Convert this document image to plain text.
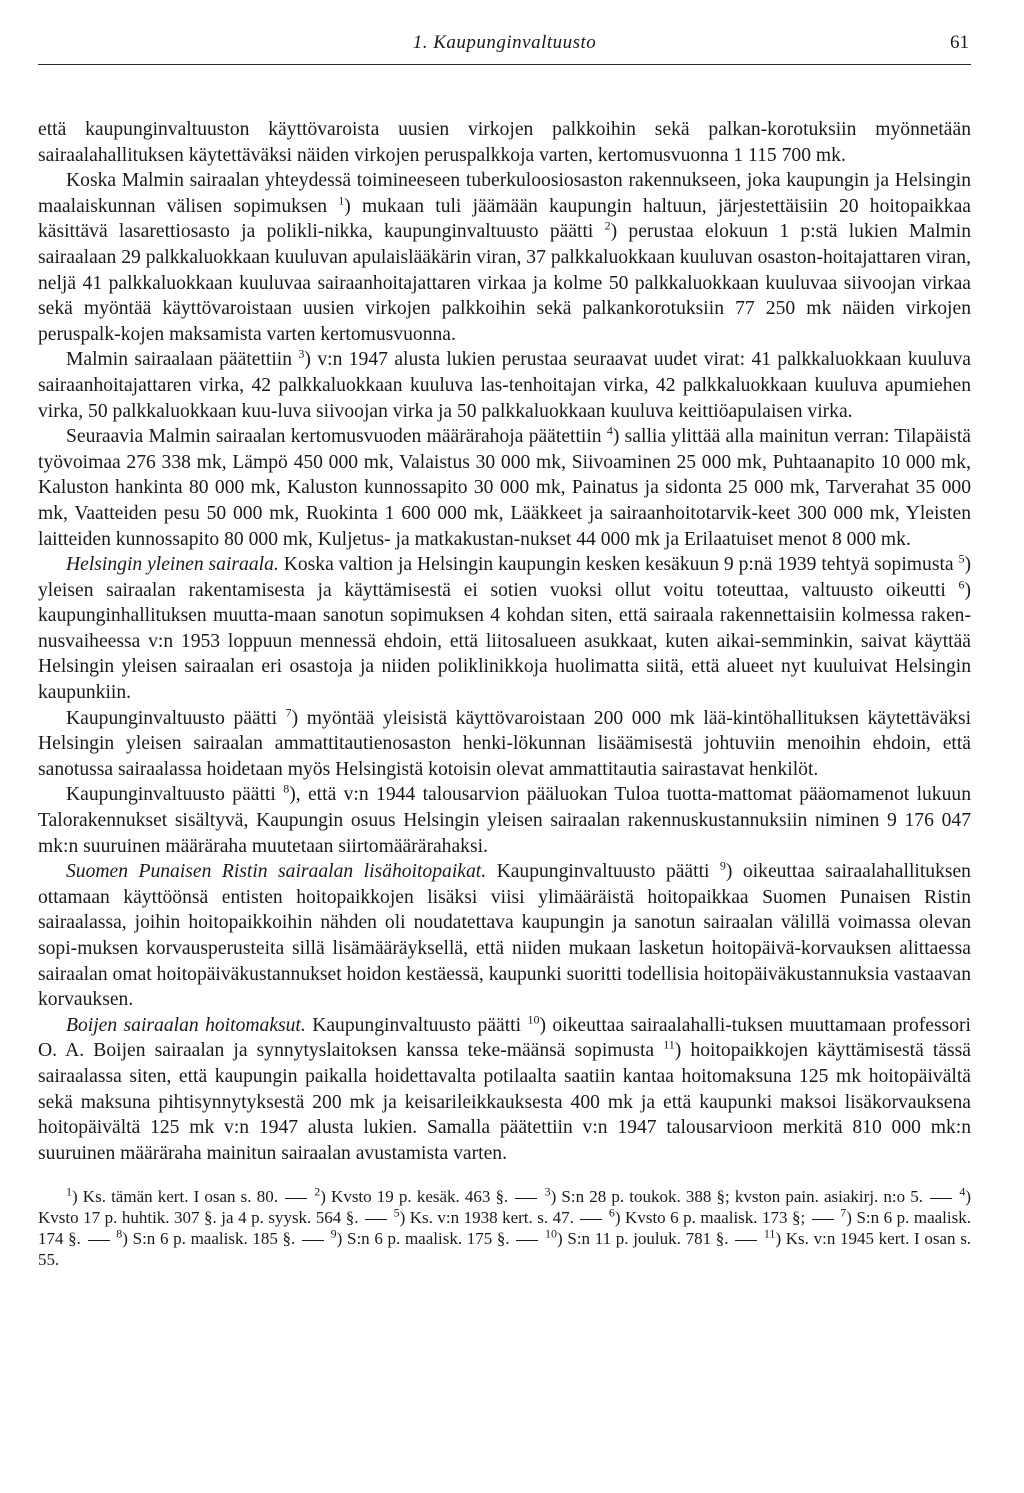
1. Kaupunginvaltuusto	61

että kaupunginvaltuuston käyttövaroista uusien virkojen palkkoihin sekä palkan-korotuksiin myönnetään sairaalahallituksen käytettäväksi näiden virkojen peruspalkkoja varten, kertomusvuonna 1 115 700 mk.

Koska Malmin sairaalan yhteydessä toimineeseen tuberkuloosiosaston rakennukseen, joka kaupungin ja Helsingin maalaiskunnan välisen sopimuksen $^1$) mukaan tuli jäämään kaupungin haltuun, järjestettäisiin 20 hoitopaikkaa käsittävä lasarettiosasto ja polikli-nikka, kaupunginvaltuusto päätti $^2$) perustaa elokuun 1 p:stä lukien Malmin sairaalaan 29 palkkaluokkaan kuuluvan apulaislääkärin viran, 37 palkkaluokkaan kuuluvan osaston-hoitajattaren viran, neljä 41 palkkaluokkaan kuuluvaa sairaanhoitajattaren virkaa ja kolme 50 palkkaluokkaan kuuluvaa siivoojan virkaa sekä myöntää käyttövaroistaan uusien virkojen palkkoihin sekä palkankorotuksiin 77 250 mk näiden virkojen peruspalk-kojen maksamista varten kertomusvuonna.

Malmin sairaalaan päätettiin $^3$) v:n 1947 alusta lukien perustaa seuraavat uudet virat: 41 palkkaluokkaan kuuluva sairaanhoitajattaren virka, 42 palkkaluokkaan kuuluva las-tenhoitajan virka, 42 palkkaluokkaan kuuluva apumiehen virka, 50 palkkaluokkaan kuu-luva siivoojan virka ja 50 palkkaluokkaan kuuluva keittiöapulaisen virka.

Seuraavia Malmin sairaalan kertomusvuoden määrärahoja päätettiin $^4$) sallia ylittää alla mainitun verran: Tilapäistä työvoimaa 276 338 mk, Lämpö 450 000 mk, Valaistus 30 000 mk, Siivoaminen 25 000 mk, Puhtaanapito 10 000 mk, Kaluston hankinta 80 000 mk, Kaluston kunnossapito 30 000 mk, Painatus ja sidonta 25 000 mk, Tarverahat 35 000 mk, Vaatteiden pesu 50 000 mk, Ruokinta 1 600 000 mk, Lääkkeet ja sairaanhoitotarvik-keet 300 000 mk, Yleisten laitteiden kunnossapito 80 000 mk, Kuljetus- ja matkakustan-nukset 44 000 mk ja Erilaatuiset menot 8 000 mk.

Helsingin yleinen sairaala. Koska valtion ja Helsingin kaupungin kesken kesäkuun 9 p:nä 1939 tehtyä sopimusta $^5$) yleisen sairaalan rakentamisesta ja käyttämisestä ei sotien vuoksi ollut voitu toteuttaa, valtuusto oikeutti $^6$) kaupunginhallituksen muutta-maan sanotun sopimuksen 4 kohdan siten, että sairaala rakennettaisiin kolmessa raken-nusvaiheessa v:n 1953 loppuun mennessä ehdoin, että liitosalueen asukkaat, kuten aikai-semminkin, saivat käyttää Helsingin yleisen sairaalan eri osastoja ja niiden poliklinikkoja huolimatta siitä, että alueet nyt kuuluivat Helsingin kaupunkiin.

Kaupunginvaltuusto päätti $^7$) myöntää yleisistä käyttövaroistaan 200 000 mk lää-kintöhallituksen käytettäväksi Helsingin yleisen sairaalan ammattitautienosaston henki-lökunnan lisäämisestä johtuviin menoihin ehdoin, että sanotussa sairaalassa hoidetaan myös Helsingistä kotoisin olevat ammattitautia sairastavat henkilöt.

Kaupunginvaltuusto päätti $^8$), että v:n 1944 talousarvion pääluokan Tuloa tuotta-mattomat pääomamenot lukuun Talorakennukset sisältyvä, Kaupungin osuus Helsingin yleisen sairaalan rakennuskustannuksiin niminen 9 176 047 mk:n suuruinen määräraha muutetaan siirtomäärärahaksi.

Suomen Punaisen Ristin sairaalan lisähoitopaikat. Kaupunginvaltuusto päätti $^9$) oikeuttaa sairaalahallituksen ottamaan käyttöönsä entisten hoitopaikkojen lisäksi viisi ylimääräistä hoitopaikkaa Suomen Punaisen Ristin sairaalassa, joihin hoitopaikkoihin nähden oli noudatettava kaupungin ja sanotun sairaalan välillä voimassa olevan sopi-muksen korvausperusteita sillä lisämääräyksellä, että niiden mukaan lasketun hoitopäivä-korvauksen alittaessa sairaalan omat hoitopäiväkustannukset hoidon kestäessä, kaupunki suoritti todellisia hoitopäiväkustannuksia vastaavan korvauksen.

Boijen sairaalan hoitomaksut. Kaupunginvaltuusto päätti $^{10}$) oikeuttaa sairaalahalli-tuksen muuttamaan professori O. A. Boijen sairaalan ja synnytyslaitoksen kanssa teke-määnsä sopimusta $^{11}$) hoitopaikkojen käyttämisestä tässä sairaalassa siten, että kaupungin paikalla hoidettavalta potilaalta saatiin kantaa hoitomaksuna 125 mk hoitopäivältä sekä maksuna pihtisynnytyksestä 200 mk ja keisarileikkauksesta 400 mk ja että kaupunki maksoi lisäkorvauksena hoitopäivältä 125 mk v:n 1947 alusta lukien. Samalla päätettiin v:n 1947 talousarvioon merkitä 810 000 mk:n suuruinen määräraha mainitun sairaalan avustamista varten.

$^1$) Ks. tämän kert. I osan s. 80.	$^2$) Kvsto 19 p. kesäk. 463 §.	$^3$) S:n 28 p. toukok. 388 §; kvston pain. asiakirj. n:o 5.	$^4$) Kvsto 17 p. huhtik. 307 §. ja 4 p. syysk. 564 §.	$^5$) Ks. v:n 1938 kert. s. 47.	$^6$) Kvsto 6 p. maalisk. 173 §;	$^7$) S:n 6 p. maalisk. 174 §.	$^8$) S:n 6 p. maalisk. 185 §.	$^9$) S:n 6 p. maalisk. 175 §.	$^{10}$) S:n 11 p. jouluk. 781 §.	$^{11}$) Ks. v:n 1945 kert. I osan s. 55.
